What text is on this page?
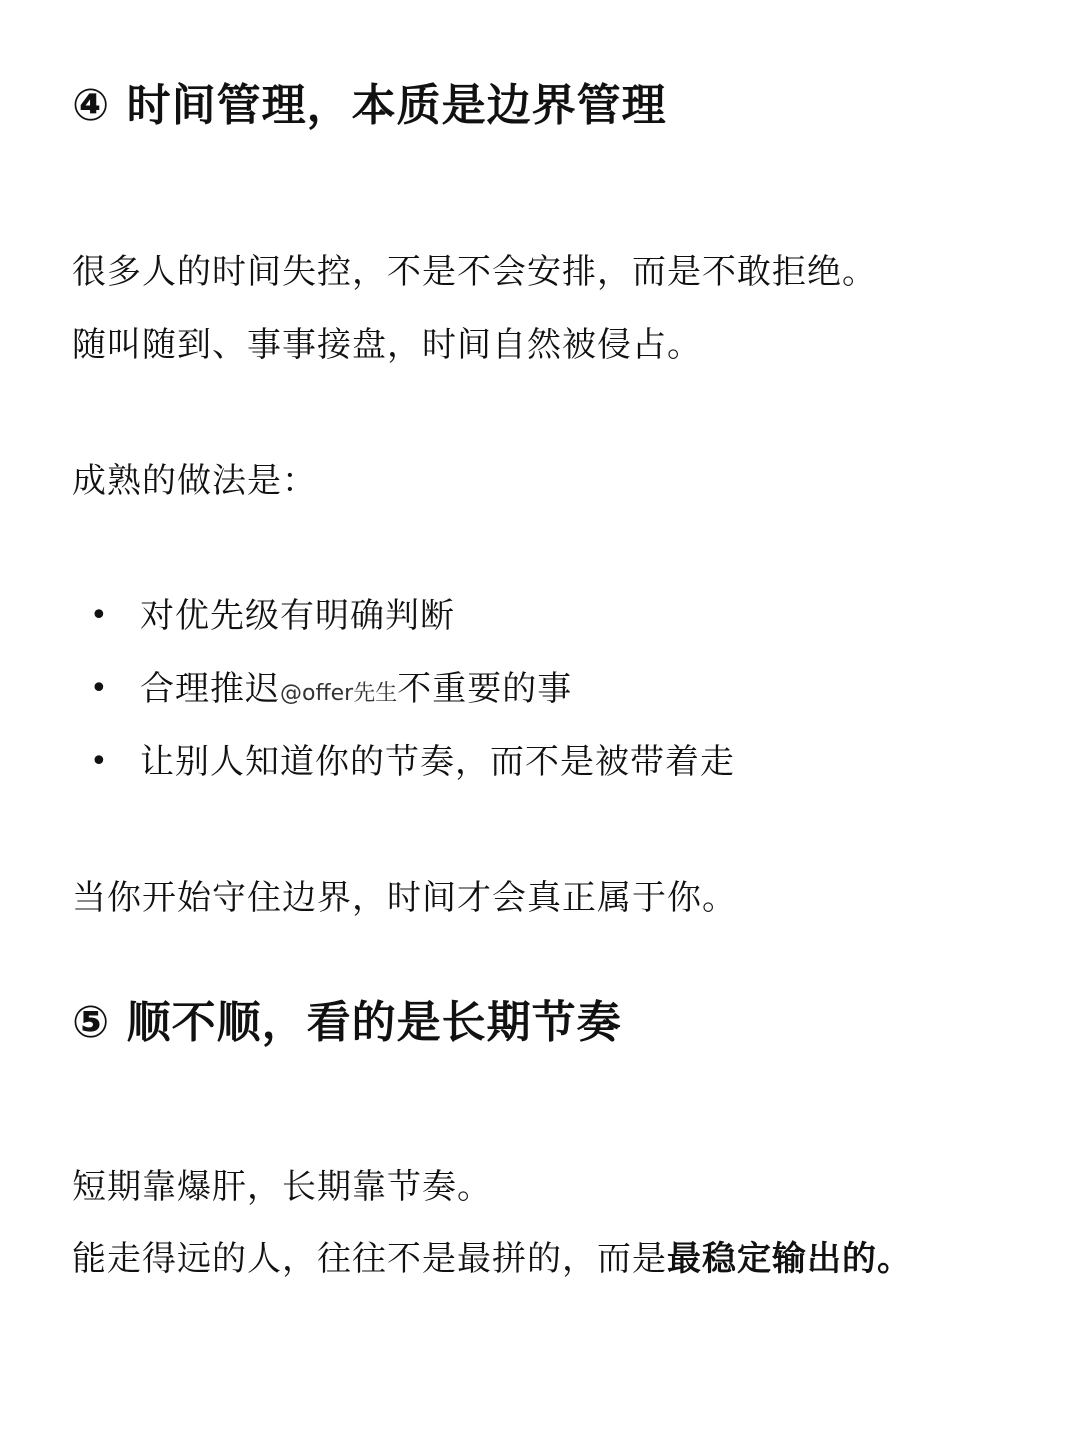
④ 时间管理，本质是边界管理
很多人的时间失控，不是不会安排，而是不敢拒绝。
随叫随到、事事接盘，时间自然被侵占。
成熟的做法是：
• 对优先级有明确判断
• 合理推迟@offer先生不重要的事
• 让别人知道你的节奏，而不是被带着走
当你开始守住边界，时间才会真正属于你。
⑤ 顺不顺，看的是长期节奏
短期靠爆肝，长期靠节奏。
能走得远的人，往往不是最拼的，而是最稳定输出的。
